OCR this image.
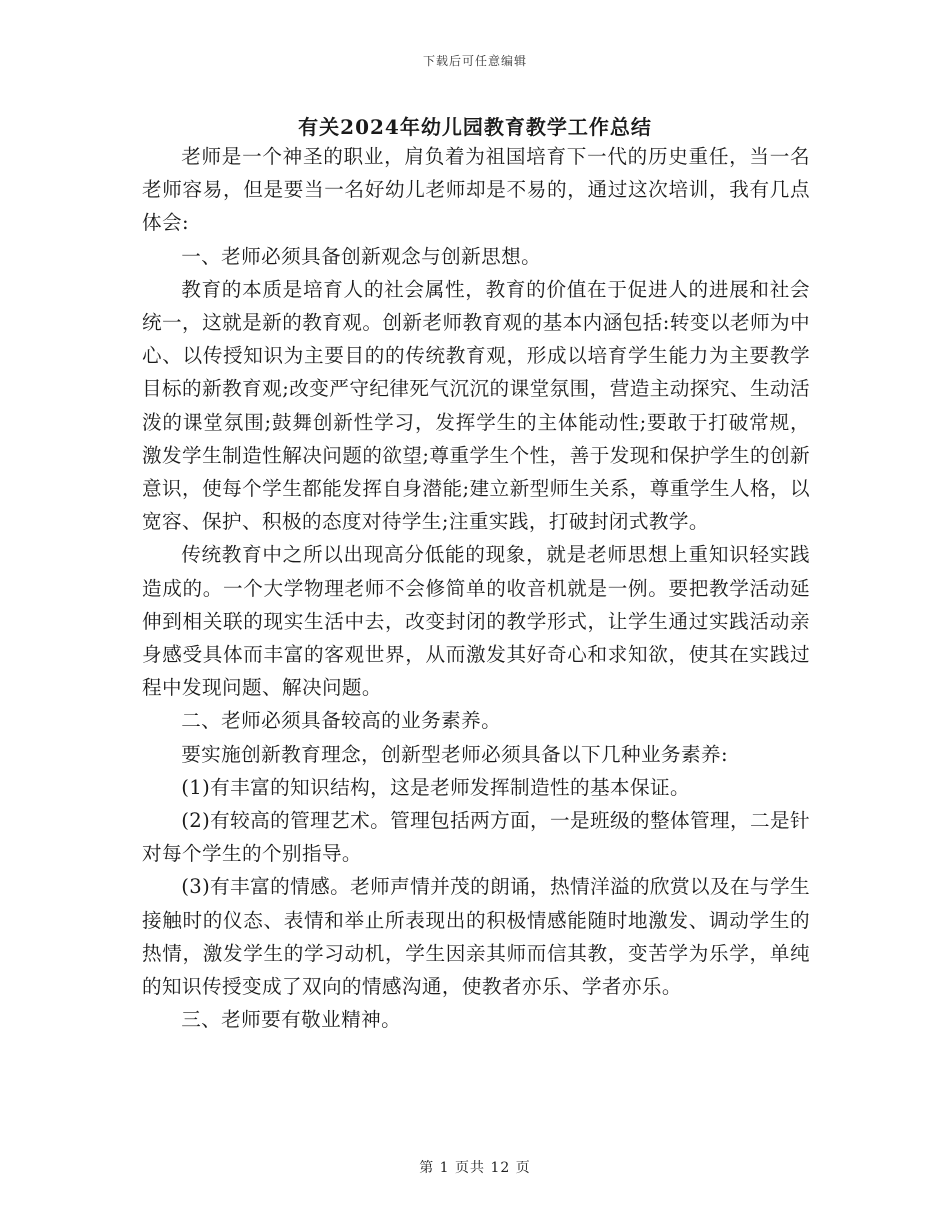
下载后可任意编辑
有关2024年幼儿园教育教学工作总结

老师是一个神圣的职业，肩负着为祖国培育下一代的历史重任，当一名老师容易，但是要当一名好幼儿老师却是不易的，通过这次培训，我有几点体会:

一、老师必须具备创新观念与创新思想。

教育的本质是培育人的社会属性，教育的价值在于促进人的进展和社会统一，这就是新的教育观。创新老师教育观的基本内涵包括:转变以老师为中心、以传授知识为主要目的的传统教育观，形成以培育学生能力为主要教学目标的新教育观;改变严守纪律死气沉沉的课堂氛围，营造主动探究、生动活泼的课堂氛围;鼓舞创新性学习，发挥学生的主体能动性;要敢于打破常规，激发学生制造性解决问题的欲望;尊重学生个性，善于发现和保护学生的创新意识，使每个学生都能发挥自身潜能;建立新型师生关系，尊重学生人格，以宽容、保护、积极的态度对待学生;注重实践，打破封闭式教学。

传统教育中之所以出现高分低能的现象，就是老师思想上重知识轻实践造成的。一个大学物理老师不会修简单的收音机就是一例。要把教学活动延伸到相关联的现实生活中去，改变封闭的教学形式，让学生通过实践活动亲身感受具体而丰富的客观世界，从而激发其好奇心和求知欲，使其在实践过程中发现问题、解决问题。

二、老师必须具备较高的业务素养。

要实施创新教育理念，创新型老师必须具备以下几种业务素养:

(1)有丰富的知识结构，这是老师发挥制造性的基本保证。

(2)有较高的管理艺术。管理包括两方面，一是班级的整体管理，二是针对每个学生的个别指导。

(3)有丰富的情感。老师声情并茂的朗诵，热情洋溢的欣赏以及在与学生接触时的仪态、表情和举止所表现出的积极情感能随时地激发、调动学生的热情，激发学生的学习动机，学生因亲其师而信其教，变苦学为乐学，单纯的知识传授变成了双向的情感沟通，使教者亦乐、学者亦乐。

三、老师要有敬业精神。

第 1 页共 12 页
